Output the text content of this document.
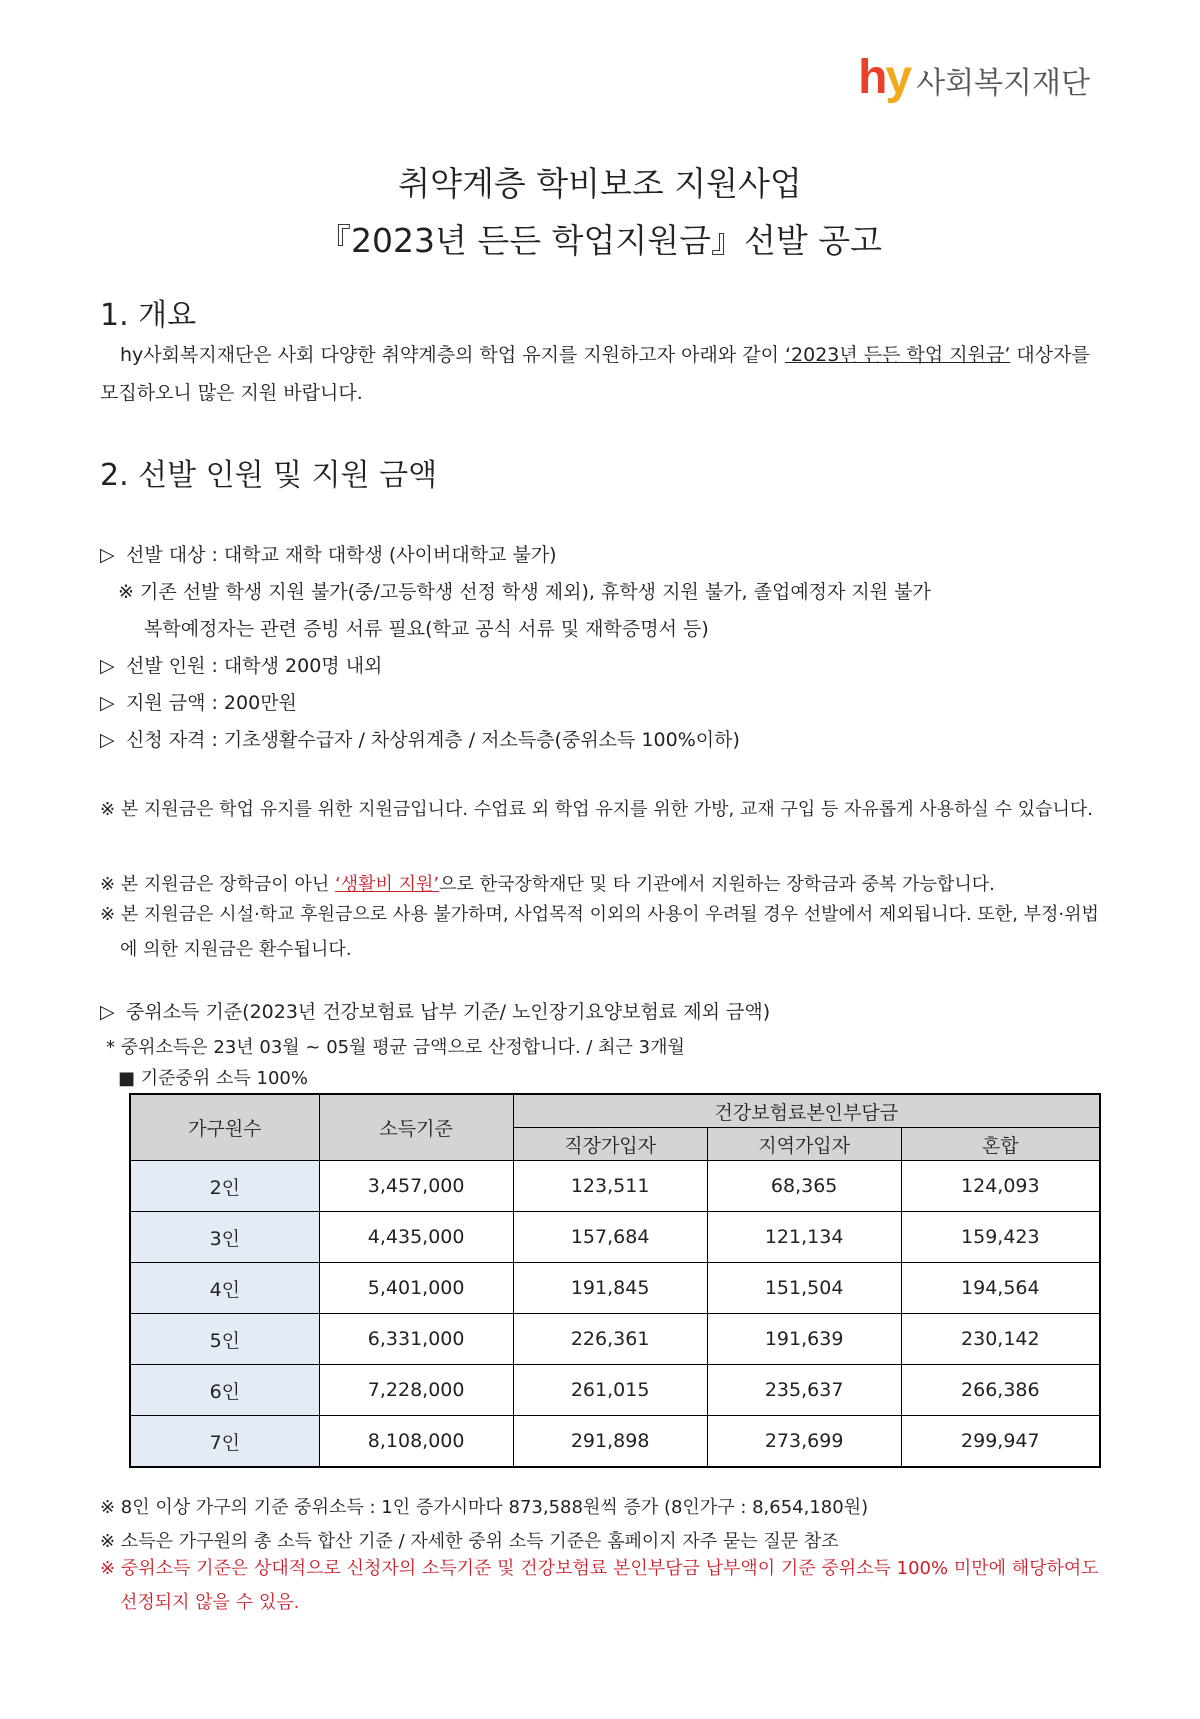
hy 사회복지재단
취약계층 학비보조 지원사업
『2023년 든든 학업지원금』선발 공고
1. 개요
hy사회복지재단은 사회 다양한 취약계층의 학업 유지를 지원하고자 아래와 같이 ‘2023년 든든 학업 지원금’ 대상자를 모집하오니 많은 지원 바랍니다.
2. 선발 인원 및 지원 금액
▷ 선발 대상 : 대학교 재학 대학생 (사이버대학교 불가)
※ 기존 선발 학생 지원 불가(중/고등학생 선정 학생 제외), 휴학생 지원 불가, 졸업예정자 지원 불가
복학예정자는 관련 증빙 서류 필요(학교 공식 서류 및 재학증명서 등)
▷ 선발 인원 : 대학생 200명 내외
▷ 지원 금액 : 200만원
▷ 신청 자격 : 기초생활수급자 / 차상위계층 / 저소득층(중위소득 100%이하)
※ 본 지원금은 학업 유지를 위한 지원금입니다. 수업료 외 학업 유지를 위한 가방, 교재 구입 등 자유롭게 사용하실 수 있습니다.
※ 본 지원금은 장학금이 아닌 ‘생활비 지원’으로 한국장학재단 및 타 기관에서 지원하는 장학금과 중복 가능합니다.
※ 본 지원금은 시설·학교 후원금으로 사용 불가하며, 사업목적 이외의 사용이 우려될 경우 선발에서 제외됩니다. 또한, 부정·위법에 의한 지원금은 환수됩니다.
▷ 중위소득 기준(2023년 건강보험료 납부 기준/ 노인장기요양보험료 제외 금액)
* 중위소득은 23년 03월 ~ 05월 평균 금액으로 산정합니다. / 최근 3개월
■ 기준중위 소득 100%
가구원수	소득기준	건강보험료본인부담금		
		직장가입자	지역가입자	혼합
2인	3,457,000	123,511	68,365	124,093
3인	4,435,000	157,684	121,134	159,423
4인	5,401,000	191,845	151,504	194,564
5인	6,331,000	226,361	191,639	230,142
6인	7,228,000	261,015	235,637	266,386
7인	8,108,000	291,898	273,699	299,947
※ 8인 이상 가구의 기준 중위소득 : 1인 증가시마다 873,588원씩 증가 (8인가구 : 8,654,180원)
※ 소득은 가구원의 총 소득 합산 기준 / 자세한 중위 소득 기준은 홈페이지 자주 묻는 질문 참조
※ 중위소득 기준은 상대적으로 신청자의 소득기준 및 건강보험료 본인부담금 납부액이 기준 중위소득 100% 미만에 해당하여도 선정되지 않을 수 있음.
